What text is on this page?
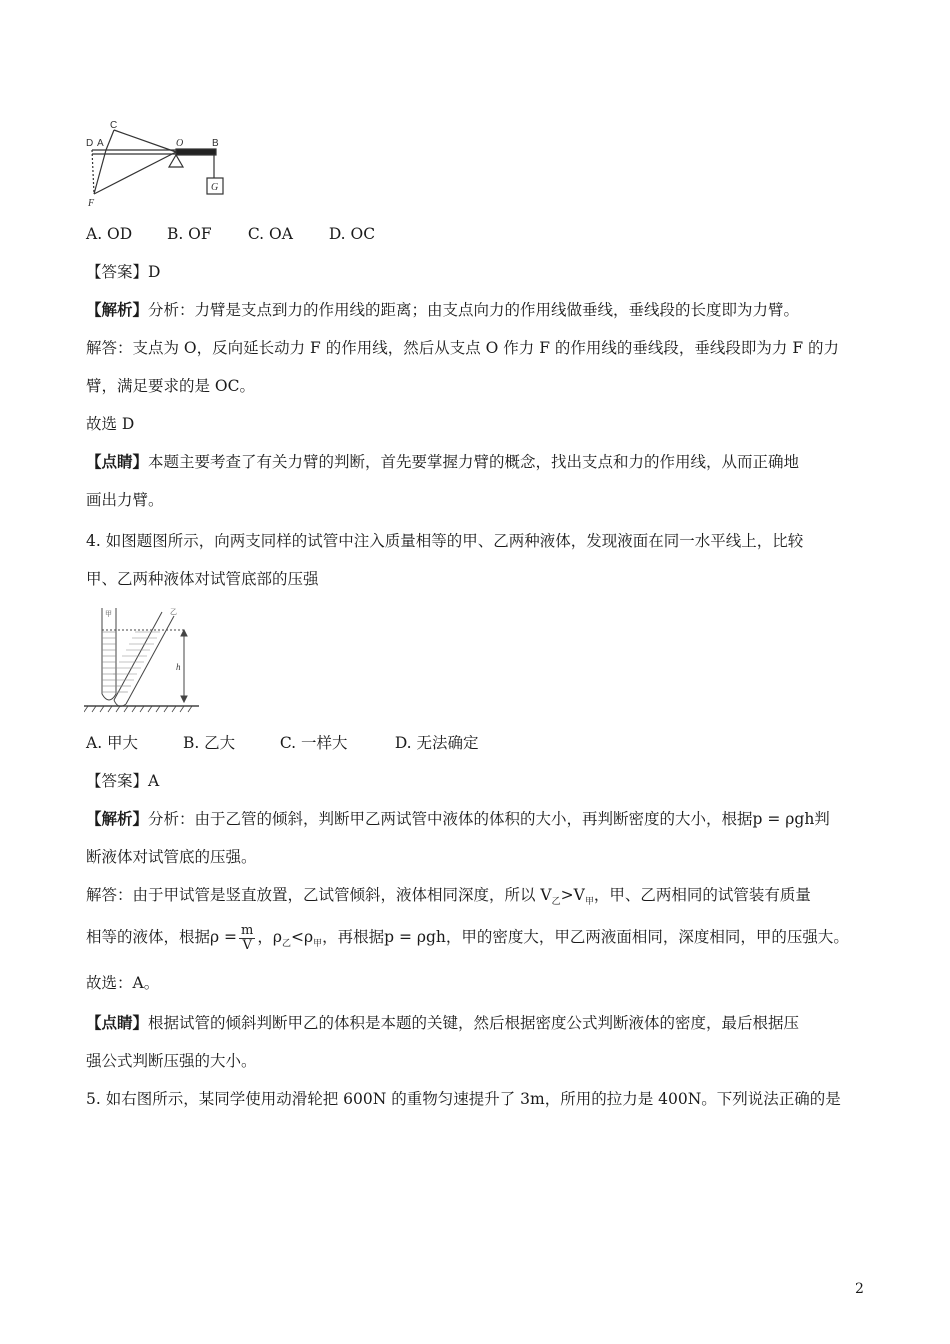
C
D A	O	B
F
G
A. OD B. OF C. OA D. OC
【答案】D
【解析】分析：力臂是支点到力的作用线的距离；由支点向力的作用线做垂线，垂线段的长度即为力臂。
解答：支点为 O，反向延长动力 F 的作用线，然后从支点 O 作力 F 的作用线的垂线段，垂线段即为力 F 的力
臂，满足要求的是 OC。
故选 D
【点睛】本题主要考查了有关力臂的判断，首先要掌握力臂的概念，找出支点和力的作用线，从而正确地
画出力臂。
4. 如图题图所示，向两支同样的试管中注入质量相等的甲、乙两种液体，发现液面在同一水平线上，比较
甲、乙两种液体对试管底部的压强
甲	乙
h
A. 甲大	B. 乙大	C. 一样大	D. 无法确定
【答案】A
【解析】分析：由于乙管的倾斜，判断甲乙两试管中液体的体积的大小，再判断密度的大小，根据p = ρgh判
断液体对试管底的压强。
解答：由于甲试管是竖直放置，乙试管倾斜，液体相同深度，所以 $V_乙>V_甲$，甲、乙两相同的试管装有质量
相等的液体，根据$\rho = \frac{m}{V}$ ，$\rho_乙<\rho_甲$，再根据p = ρgh，甲的密度大，甲乙两液面相同，深度相同，甲的压强大。
故选：A。
【点睛】根据试管的倾斜判断甲乙的体积是本题的关键，然后根据密度公式判断液体的密度，最后根据压
强公式判断压强的大小。
5. 如右图所示，某同学使用动滑轮把 600N 的重物匀速提升了 3m，所用的拉力是 400N。下列说法正确的是
2
